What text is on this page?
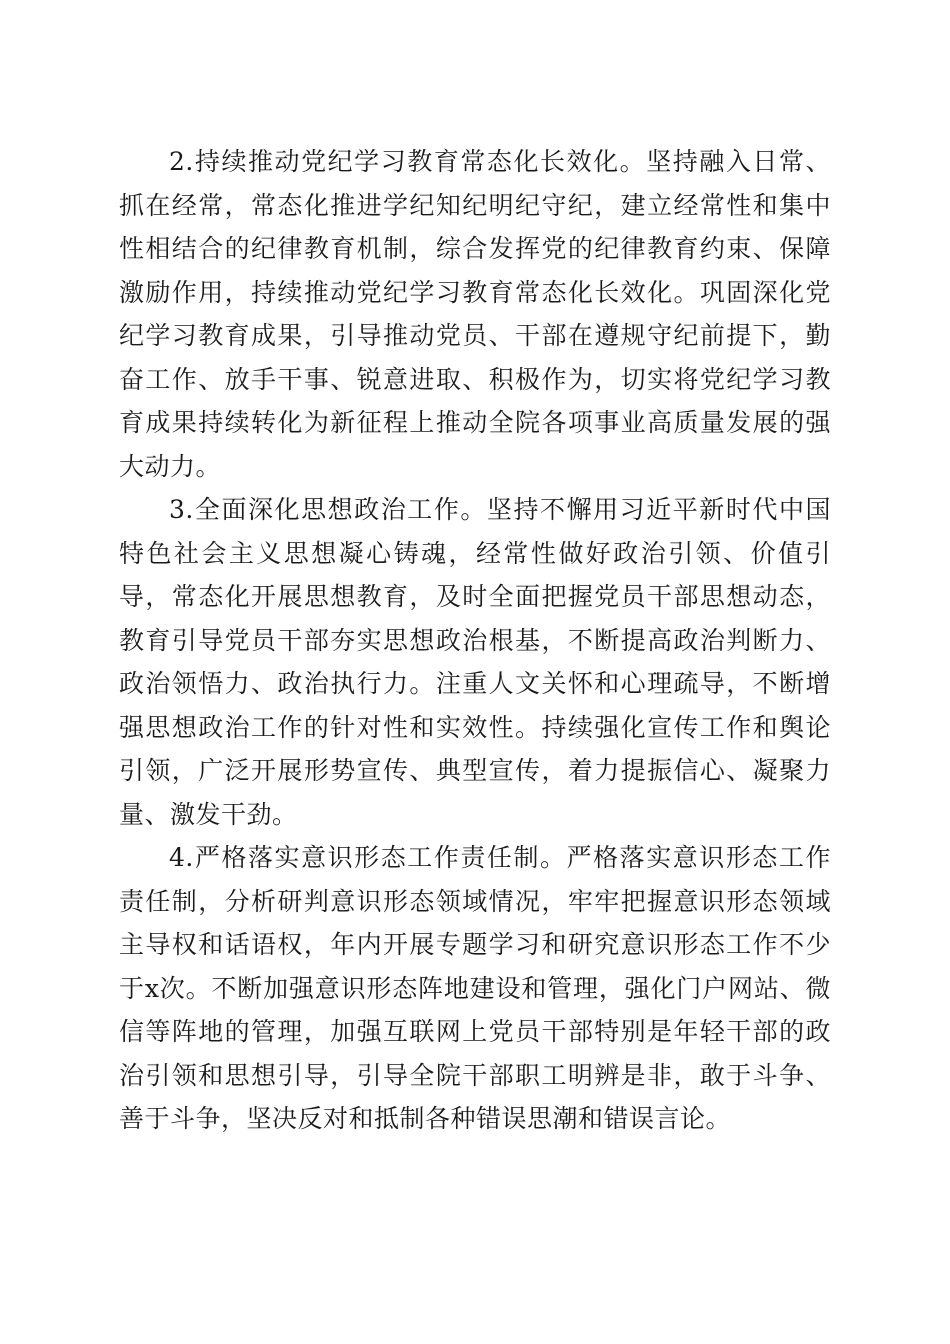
2.持续推动党纪学习教育常态化长效化。坚持融入日常、抓在经常，常态化推进学纪知纪明纪守纪，建立经常性和集中性相结合的纪律教育机制，综合发挥党的纪律教育约束、保障激励作用，持续推动党纪学习教育常态化长效化。巩固深化党纪学习教育成果，引导推动党员、干部在遵规守纪前提下，勤奋工作、放手干事、锐意进取、积极作为，切实将党纪学习教育成果持续转化为新征程上推动全院各项事业高质量发展的强大动力。

3.全面深化思想政治工作。坚持不懈用习近平新时代中国特色社会主义思想凝心铸魂，经常性做好政治引领、价值引导，常态化开展思想教育，及时全面把握党员干部思想动态，教育引导党员干部夯实思想政治根基，不断提高政治判断力、政治领悟力、政治执行力。注重人文关怀和心理疏导，不断增强思想政治工作的针对性和实效性。持续强化宣传工作和舆论引领，广泛开展形势宣传、典型宣传，着力提振信心、凝聚力量、激发干劲。

4.严格落实意识形态工作责任制。严格落实意识形态工作责任制，分析研判意识形态领域情况，牢牢把握意识形态领域主导权和话语权，年内开展专题学习和研究意识形态工作不少于x次。不断加强意识形态阵地建设和管理，强化门户网站、微信等阵地的管理，加强互联网上党员干部特别是年轻干部的政治引领和思想引导，引导全院干部职工明辨是非，敢于斗争、善于斗争，坚决反对和抵制各种错误思潮和错误言论。
